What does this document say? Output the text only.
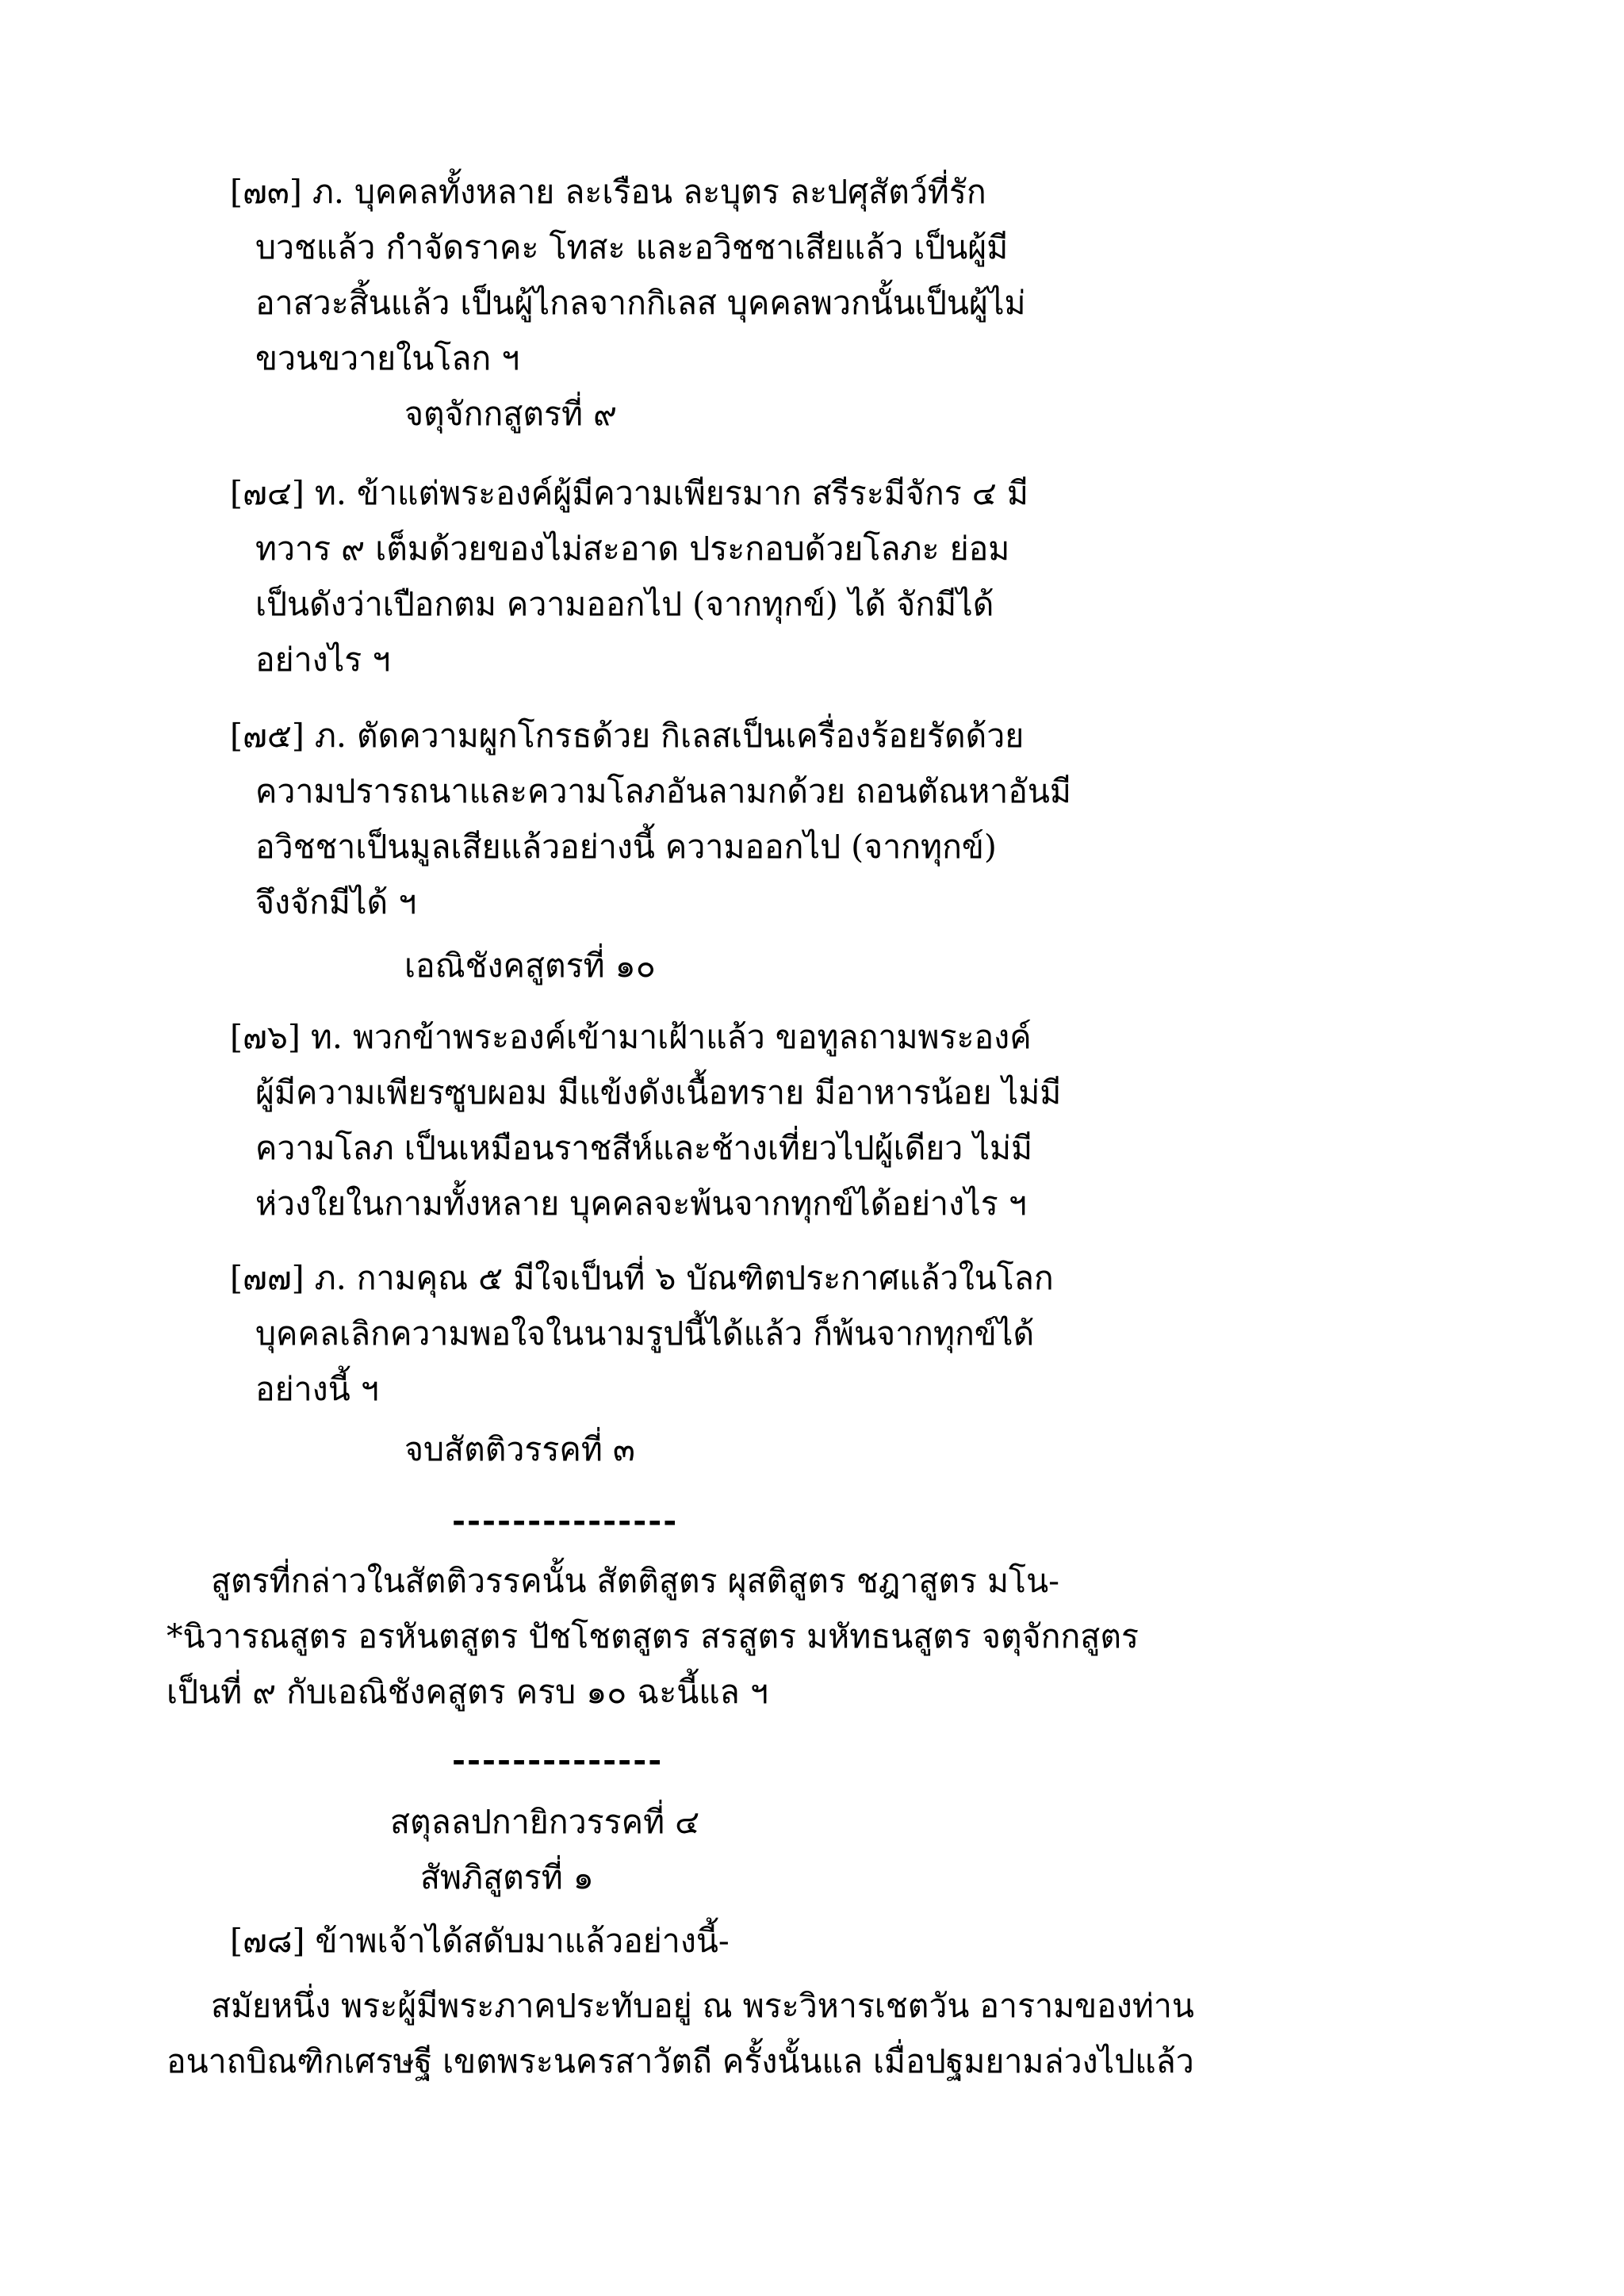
[๗๓] ภ. บุคคลทั้งหลาย ละเรือน ละบุตร ละปศุสัตว์ที่รัก
บวชแล้ว กำจัดราคะ โทสะ และอวิชชาเสียแล้ว เป็นผู้มี
อาสวะสิ้นแล้ว เป็นผู้ไกลจากกิเลส บุคคลพวกนั้นเป็นผู้ไม่
ขวนขวายในโลก ฯ
จตุจักกสูตรที่ ๙
[๗๔] ท. ข้าแต่พระองค์ผู้มีความเพียรมาก สรีระมีจักร ๔ มี
ทวาร ๙ เต็มด้วยของไม่สะอาด ประกอบด้วยโลภะ ย่อม
เป็นดังว่าเปือกตม ความออกไป (จากทุกข์) ได้ จักมีได้
อย่างไร ฯ
[๗๕] ภ. ตัดความผูกโกรธด้วย กิเลสเป็นเครื่องร้อยรัดด้วย
ความปรารถนาและความโลภอันลามกด้วย ถอนตัณหาอันมี
อวิชชาเป็นมูลเสียแล้วอย่างนี้ ความออกไป (จากทุกข์)
จึงจักมีได้ ฯ
เอณิชังคสูตรที่ ๑๐
[๗๖] ท. พวกข้าพระองค์เข้ามาเฝ้าแล้ว ขอทูลถามพระองค์
ผู้มีความเพียรซูบผอม มีแข้งดังเนื้อทราย มีอาหารน้อย ไม่มี
ความโลภ เป็นเหมือนราชสีห์และช้างเที่ยวไปผู้เดียว ไม่มี
ห่วงใยในกามทั้งหลาย บุคคลจะพ้นจากทุกข์ได้อย่างไร ฯ
[๗๗] ภ. กามคุณ ๕ มีใจเป็นที่ ๖ บัณฑิตประกาศแล้วในโลก
บุคคลเลิกความพอใจในนามรูปนี้ได้แล้ว ก็พ้นจากทุกข์ได้
อย่างนี้ ฯ
จบสัตติวรรคที่ ๓
---------------
สูตรที่กล่าวในสัตติวรรคนั้น สัตติสูตร ผุสติสูตร ชฎาสูตร มโน-
*นิวารณสูตร อรหันตสูตร ปัชโชตสูตร สรสูตร มหัทธนสูตร จตุจักกสูตร
เป็นที่ ๙ กับเอณิชังคสูตร ครบ ๑๐ ฉะนี้แล ฯ
--------------
สตุลลปกายิกวรรคที่ ๔
สัพภิสูตรที่ ๑
[๗๘] ข้าพเจ้าได้สดับมาแล้วอย่างนี้-
สมัยหนึ่ง พระผู้มีพระภาคประทับอยู่ ณ พระวิหารเชตวัน อารามของท่าน
อนาถบิณฑิกเศรษฐี เขตพระนครสาวัตถี ครั้งนั้นแล เมื่อปฐมยามล่วงไปแล้ว
